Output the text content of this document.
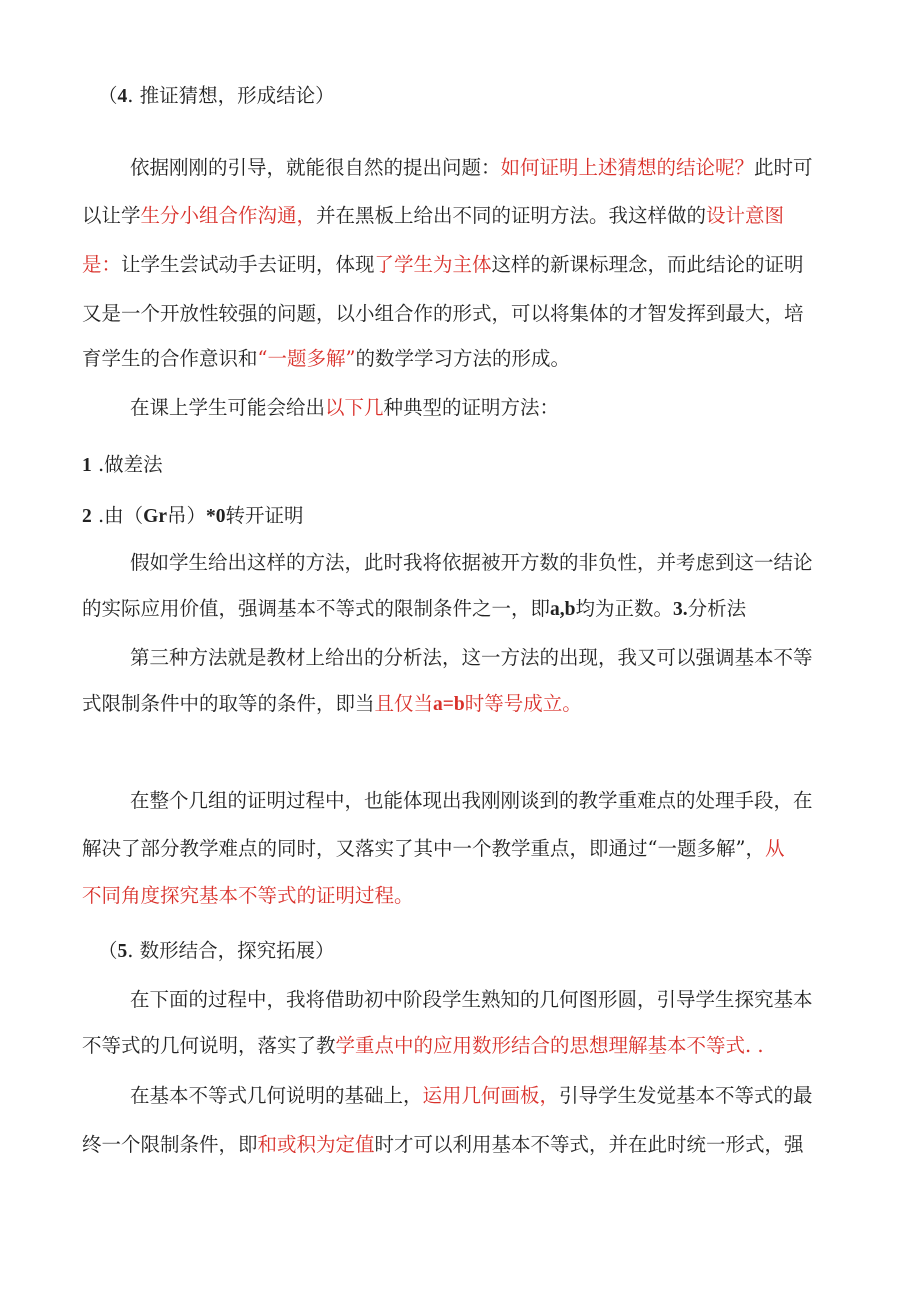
（4. 推证猜想，形成结论）
依据刚刚的引导，就能很自然的提出问题：如何证明上述猜想的结论呢？此时可
以让学生分小组合作沟通，并在黑板上给出不同的证明方法。我这样做的设计意图
是：让学生尝试动手去证明，体现了学生为主体这样的新课标理念，而此结论的证明
又是一个开放性较强的问题，以小组合作的形式，可以将集体的才智发挥到最大，培
育学生的合作意识和“一题多解”的数学学习方法的形成。
在课上学生可能会给出以下几种典型的证明方法：
1 .做差法
2 .由（Gr吊）*0转开证明
假如学生给出这样的方法，此时我将依据被开方数的非负性，并考虑到这一结论
的实际应用价值，强调基本不等式的限制条件之一，即a,b均为正数。3.分析法
第三种方法就是教材上给出的分析法，这一方法的出现，我又可以强调基本不等
式限制条件中的取等的条件，即当且仅当a=b时等号成立。
在整个几组的证明过程中，也能体现出我刚刚谈到的教学重难点的处理手段，在
解决了部分教学难点的同时，又落实了其中一个教学重点，即通过“一题多解”，从
不同角度探究基本不等式的证明过程。
（5. 数形结合，探究拓展）
在下面的过程中，我将借助初中阶段学生熟知的几何图形圆，引导学生探究基本
不等式的几何说明，落实了教学重点中的应用数形结合的思想理解基本不等式. .
在基本不等式几何说明的基础上，运用几何画板，引导学生发觉基本不等式的最
终一个限制条件，即和或积为定值时才可以利用基本不等式，并在此时统一形式，强
